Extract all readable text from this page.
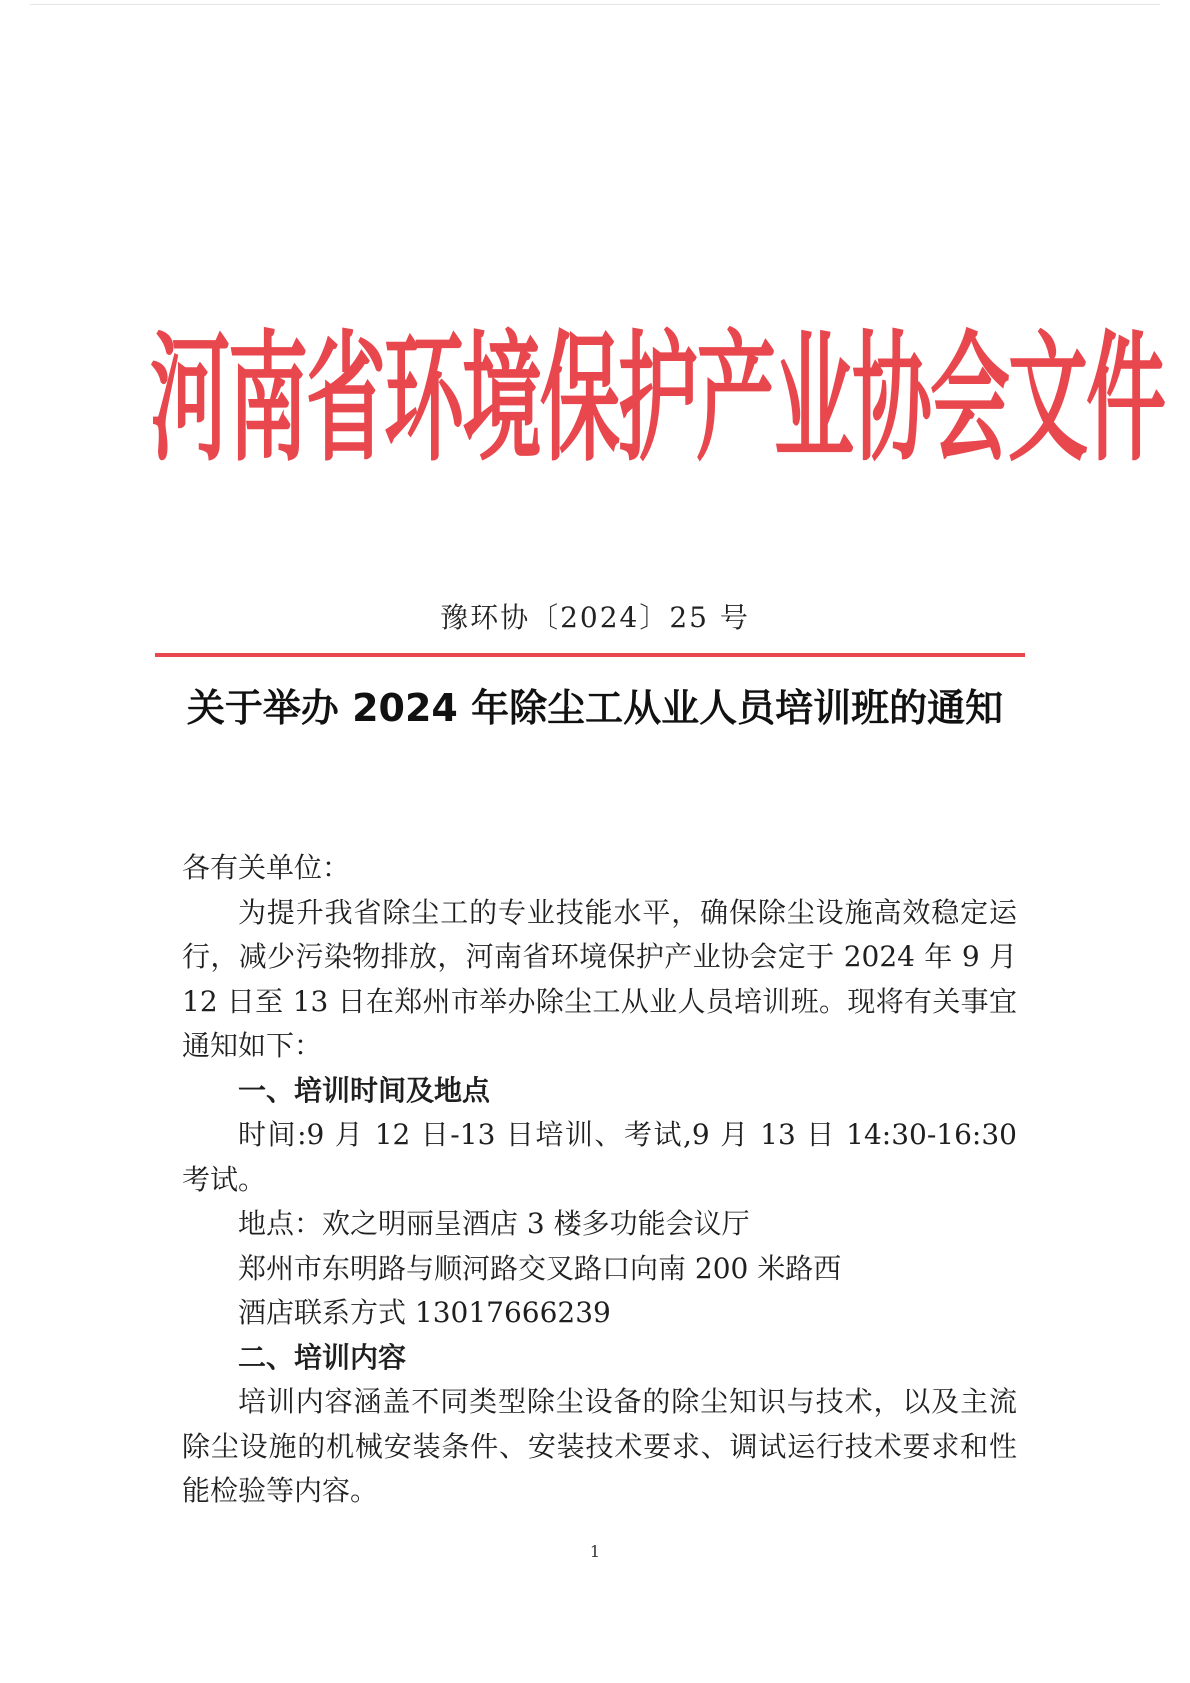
河南省环境保护产业协会文件
豫环协〔2024〕25 号
关于举办 2024 年除尘工从业人员培训班的通知

各有关单位：

为提升我省除尘工的专业技能水平，确保除尘设施高效稳定运行，减少污染物排放，河南省环境保护产业协会定于 2024 年 9 月 12 日至 13 日在郑州市举办除尘工从业人员培训班。现将有关事宜通知如下：

一、培训时间及地点

时间:9 月 12 日-13 日培训、考试,9 月 13 日 14:30-16:30 考试。

地点：欢之明丽呈酒店 3 楼多功能会议厅

郑州市东明路与顺河路交叉路口向南 200 米路西

酒店联系方式 13017666239

二、培训内容

培训内容涵盖不同类型除尘设备的除尘知识与技术，以及主流除尘设施的机械安装条件、安装技术要求、调试运行技术要求和性能检验等内容。

1
